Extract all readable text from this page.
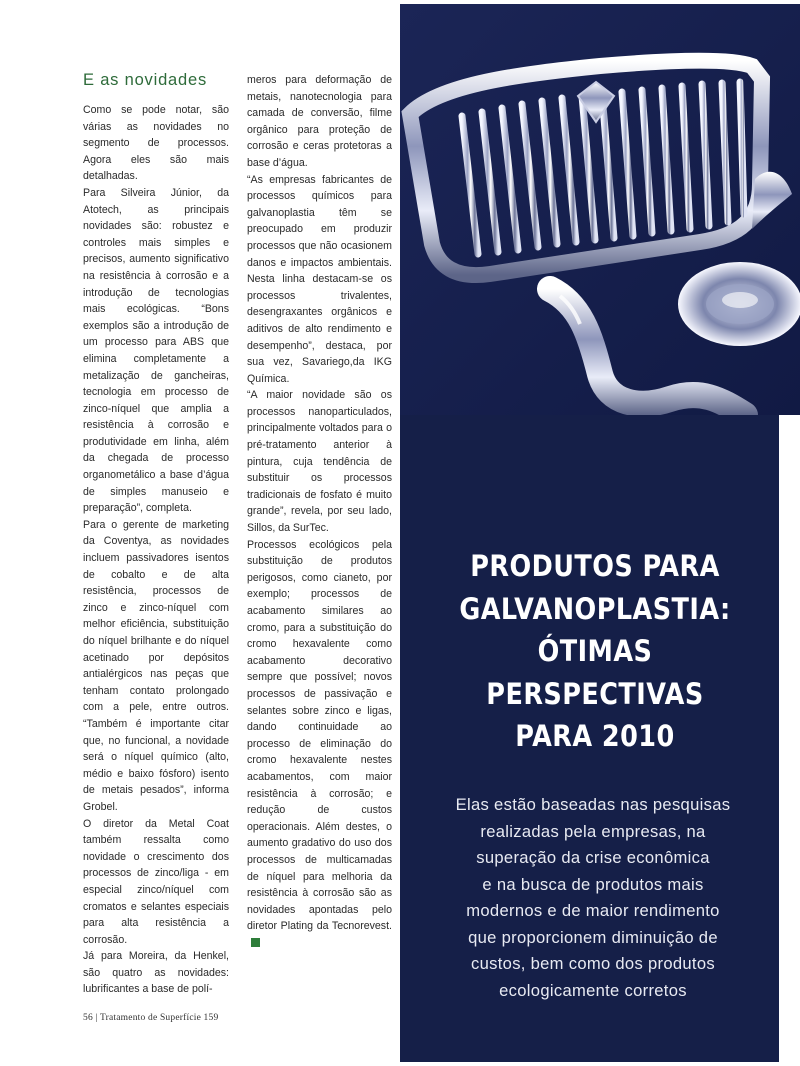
E as novidades

Como se pode notar, são várias as novidades no segmento de processos. Agora eles são mais detalhadas.

Para Silveira Júnior, da Atotech, as principais novidades são: robustez e controles mais simples e precisos, aumento significativo na resistência à corrosão e a introdução de tecnologias mais ecológicas. “Bons exemplos são a introdução de um processo para ABS que elimina completamente a metalização de gancheiras, tecnologia em processo de zinco-níquel que amplia a resistência à corrosão e produtividade em linha, além da chegada de processo organometálico a base d’água de simples manuseio e preparação”, completa.

Para o gerente de marketing da Coventya, as novidades incluem passivadores isentos de cobalto e de alta resistência, processos de zinco e zinco-níquel com melhor eficiência, substituição do níquel brilhante e do níquel acetinado por depósitos antialérgicos nas peças que tenham contato prolongado com a pele, entre outros. “Também é importante citar que, no funcional, a novidade será o níquel químico (alto, médio e baixo fósforo) isento de metais pesados”, informa Grobel.

O diretor da Metal Coat também ressalta como novidade o crescimento dos processos de zinco/liga - em especial zinco/níquel com cromatos e selantes especiais para alta resistência a corrosão.

Já para Moreira, da Henkel, são quatro as novidades: lubrificantes a base de polí-

meros para deformação de metais, nanotecnologia para camada de conversão, filme orgânico para proteção de corrosão e ceras protetoras a base d’água.

“As empresas fabricantes de processos químicos para galvanoplastia têm se preocupado em produzir processos que não ocasionem danos e impactos ambientais. Nesta linha destacam-se os processos trivalentes, desengraxantes orgânicos e aditivos de alto rendimento e desempenho”, destaca, por sua vez, Savariego,da IKG Química.

“A maior novidade são os processos nanoparticulados, principalmente voltados para o pré-tratamento anterior à pintura, cuja tendência de substituir os processos tradicionais de fosfato é muito grande”, revela, por seu lado, Sillos, da SurTec.

Processos ecológicos pela substituição de produtos perigosos, como cianeto, por exemplo; processos de acabamento similares ao cromo, para a substituição do cromo hexavalente como acabamento decorativo sempre que possível; novos processos de passivação e selantes sobre zinco e ligas, dando continuidade ao processo de eliminação do cromo hexavalente nestes acabamentos, com maior resistência à corrosão; e redução de custos operacionais. Além destes, o aumento gradativo do uso dos processos de multicamadas de níquel para melhoria da resistência à corrosão são as novidades apontadas pelo diretor Plating da Tecnorevest.

PRODUTOS PARA
GALVANOPLASTIA:
ÓTIMAS
PERSPECTIVAS
PARA 2010
Elas estão baseadas nas pesquisas
realizadas pela empresas, na
superação da crise econômica
e na busca de produtos mais
modernos e de maior rendimento
que proporcionem diminuição de
custos, bem como dos produtos
ecologicamente corretos
56 | Tratamento de Superfície 159
